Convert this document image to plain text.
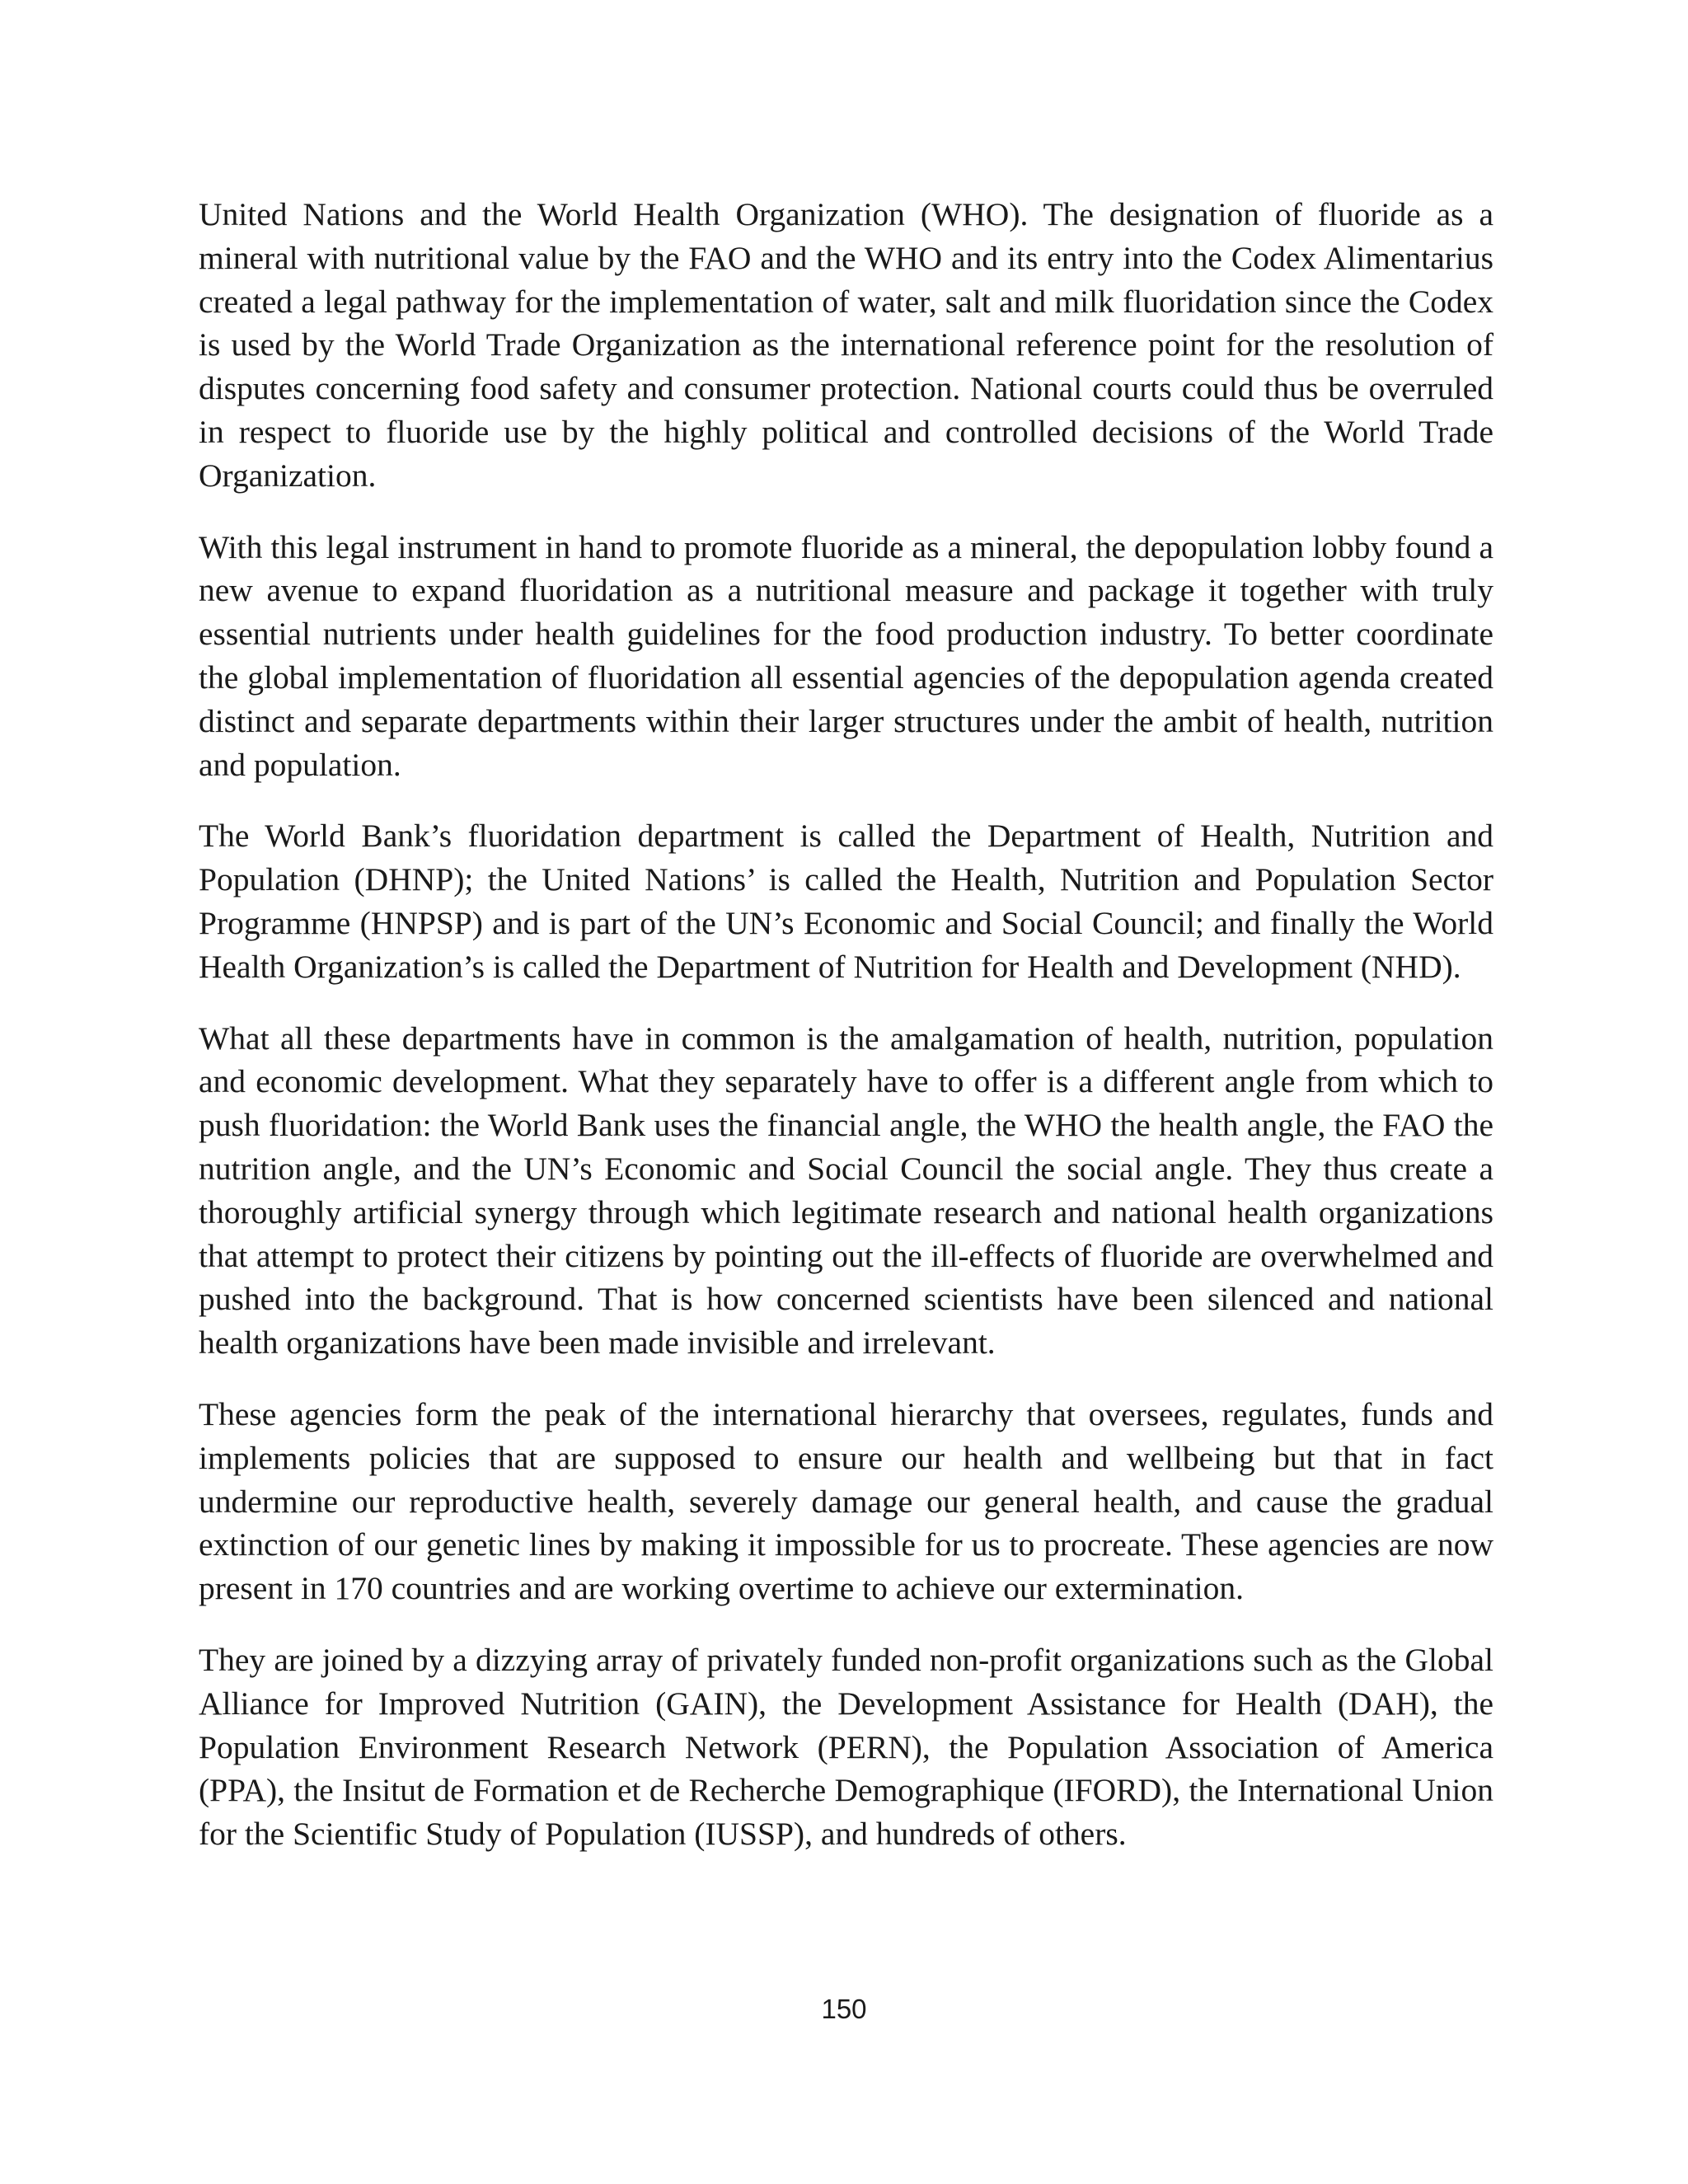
United Nations and the World Health Organization (WHO). The designation of fluoride as a mineral with nutritional value by the FAO and the WHO and its entry into the Codex Alimentarius created a legal pathway for the implementation of water, salt and milk fluoridation since the Codex is used by the World Trade Organization as the international reference point for the resolution of disputes concerning food safety and consumer protection. National courts could thus be overruled in respect to fluoride use by the highly political and controlled decisions of the World Trade Organization.

With this legal instrument in hand to promote fluoride as a mineral, the depopulation lobby found a new avenue to expand fluoridation as a nutritional measure and package it together with truly essential nutrients under health guidelines for the food production industry. To better coordinate the global implementation of fluoridation all essential agencies of the depopulation agenda created distinct and separate departments within their larger structures under the ambit of health, nutrition and population.

The World Bank’s fluoridation department is called the Department of Health, Nutrition and Population (DHNP); the United Nations’ is called the Health, Nutrition and Population Sector Programme (HNPSP) and is part of the UN’s Economic and Social Council; and finally the World Health Organization’s is called the Department of Nutrition for Health and Development (NHD).

What all these departments have in common is the amalgamation of health, nutrition, population and economic development. What they separately have to offer is a different angle from which to push fluoridation: the World Bank uses the financial angle, the WHO the health angle, the FAO the nutrition angle, and the UN’s Economic and Social Council the social angle. They thus create a thoroughly artificial synergy through which legitimate research and national health organizations that attempt to protect their citizens by pointing out the ill-effects of fluoride are overwhelmed and pushed into the background. That is how concerned scientists have been silenced and national health organizations have been made invisible and irrelevant.

These agencies form the peak of the international hierarchy that oversees, regulates, funds and implements policies that are supposed to ensure our health and wellbeing but that in fact undermine our reproductive health, severely damage our general health, and cause the gradual extinction of our genetic lines by making it impossible for us to procreate. These agencies are now present in 170 countries and are working overtime to achieve our extermination.

They are joined by a dizzying array of privately funded non-profit organizations such as the Global Alliance for Improved Nutrition (GAIN), the Development Assistance for Health (DAH), the Population Environment Research Network (PERN), the Population Association of America (PPA), the Insitut de Formation et de Recherche Demographique (IFORD), the International Union for the Scientific Study of Population (IUSSP), and hundreds of others.

150
